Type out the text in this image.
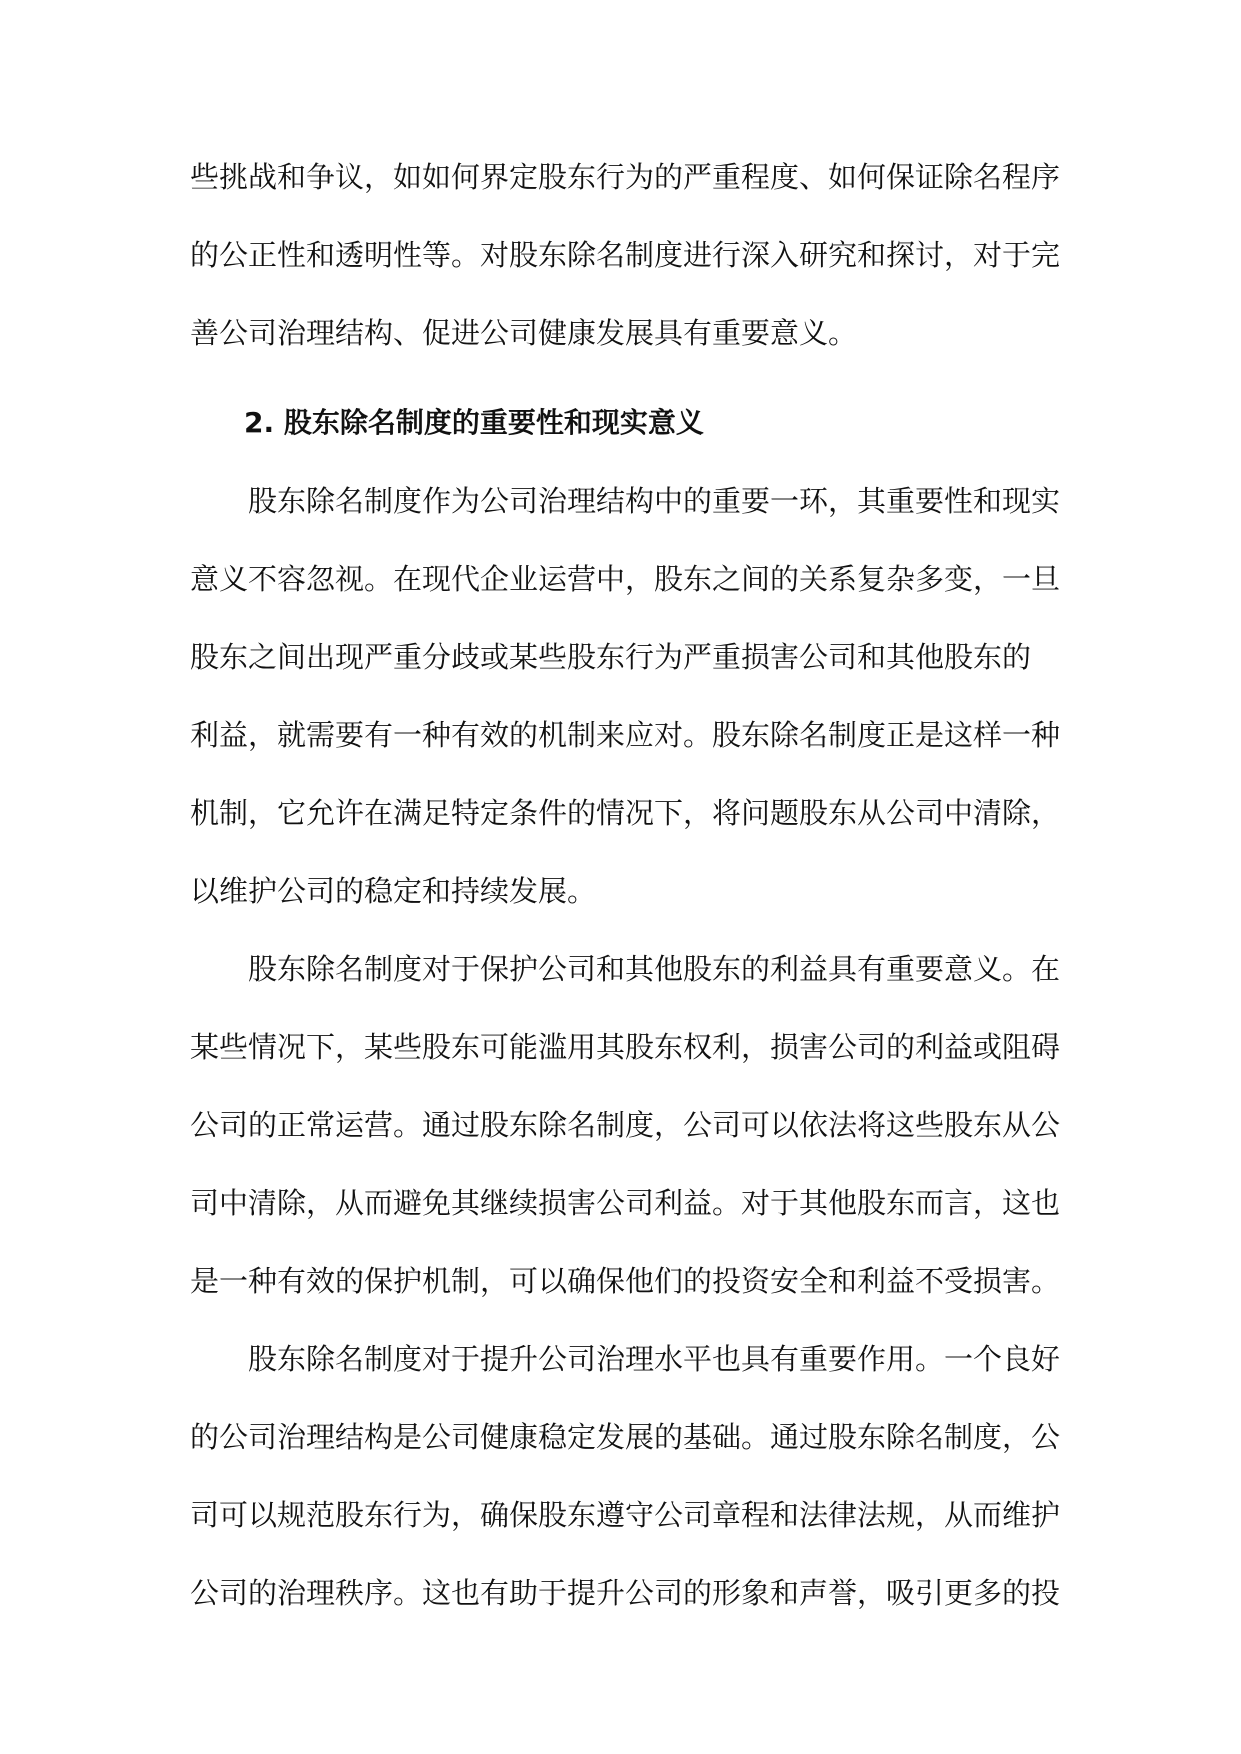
些挑战和争议，如如何界定股东行为的严重程度、如何保证除名程序

的公正性和透明性等。对股东除名制度进行深入研究和探讨，对于完

善公司治理结构、促进公司健康发展具有重要意义。

2. 股东除名制度的重要性和现实意义

股东除名制度作为公司治理结构中的重要一环，其重要性和现实

意义不容忽视。在现代企业运营中，股东之间的关系复杂多变，一旦

股东之间出现严重分歧或某些股东行为严重损害公司和其他股东的

利益，就需要有一种有效的机制来应对。股东除名制度正是这样一种

机制，它允许在满足特定条件的情况下，将问题股东从公司中清除，

以维护公司的稳定和持续发展。

股东除名制度对于保护公司和其他股东的利益具有重要意义。在

某些情况下，某些股东可能滥用其股东权利，损害公司的利益或阻碍

公司的正常运营。通过股东除名制度，公司可以依法将这些股东从公

司中清除，从而避免其继续损害公司利益。对于其他股东而言，这也

是一种有效的保护机制，可以确保他们的投资安全和利益不受损害。

股东除名制度对于提升公司治理水平也具有重要作用。一个良好

的公司治理结构是公司健康稳定发展的基础。通过股东除名制度，公

司可以规范股东行为，确保股东遵守公司章程和法律法规，从而维护

公司的治理秩序。这也有助于提升公司的形象和声誉，吸引更多的投
